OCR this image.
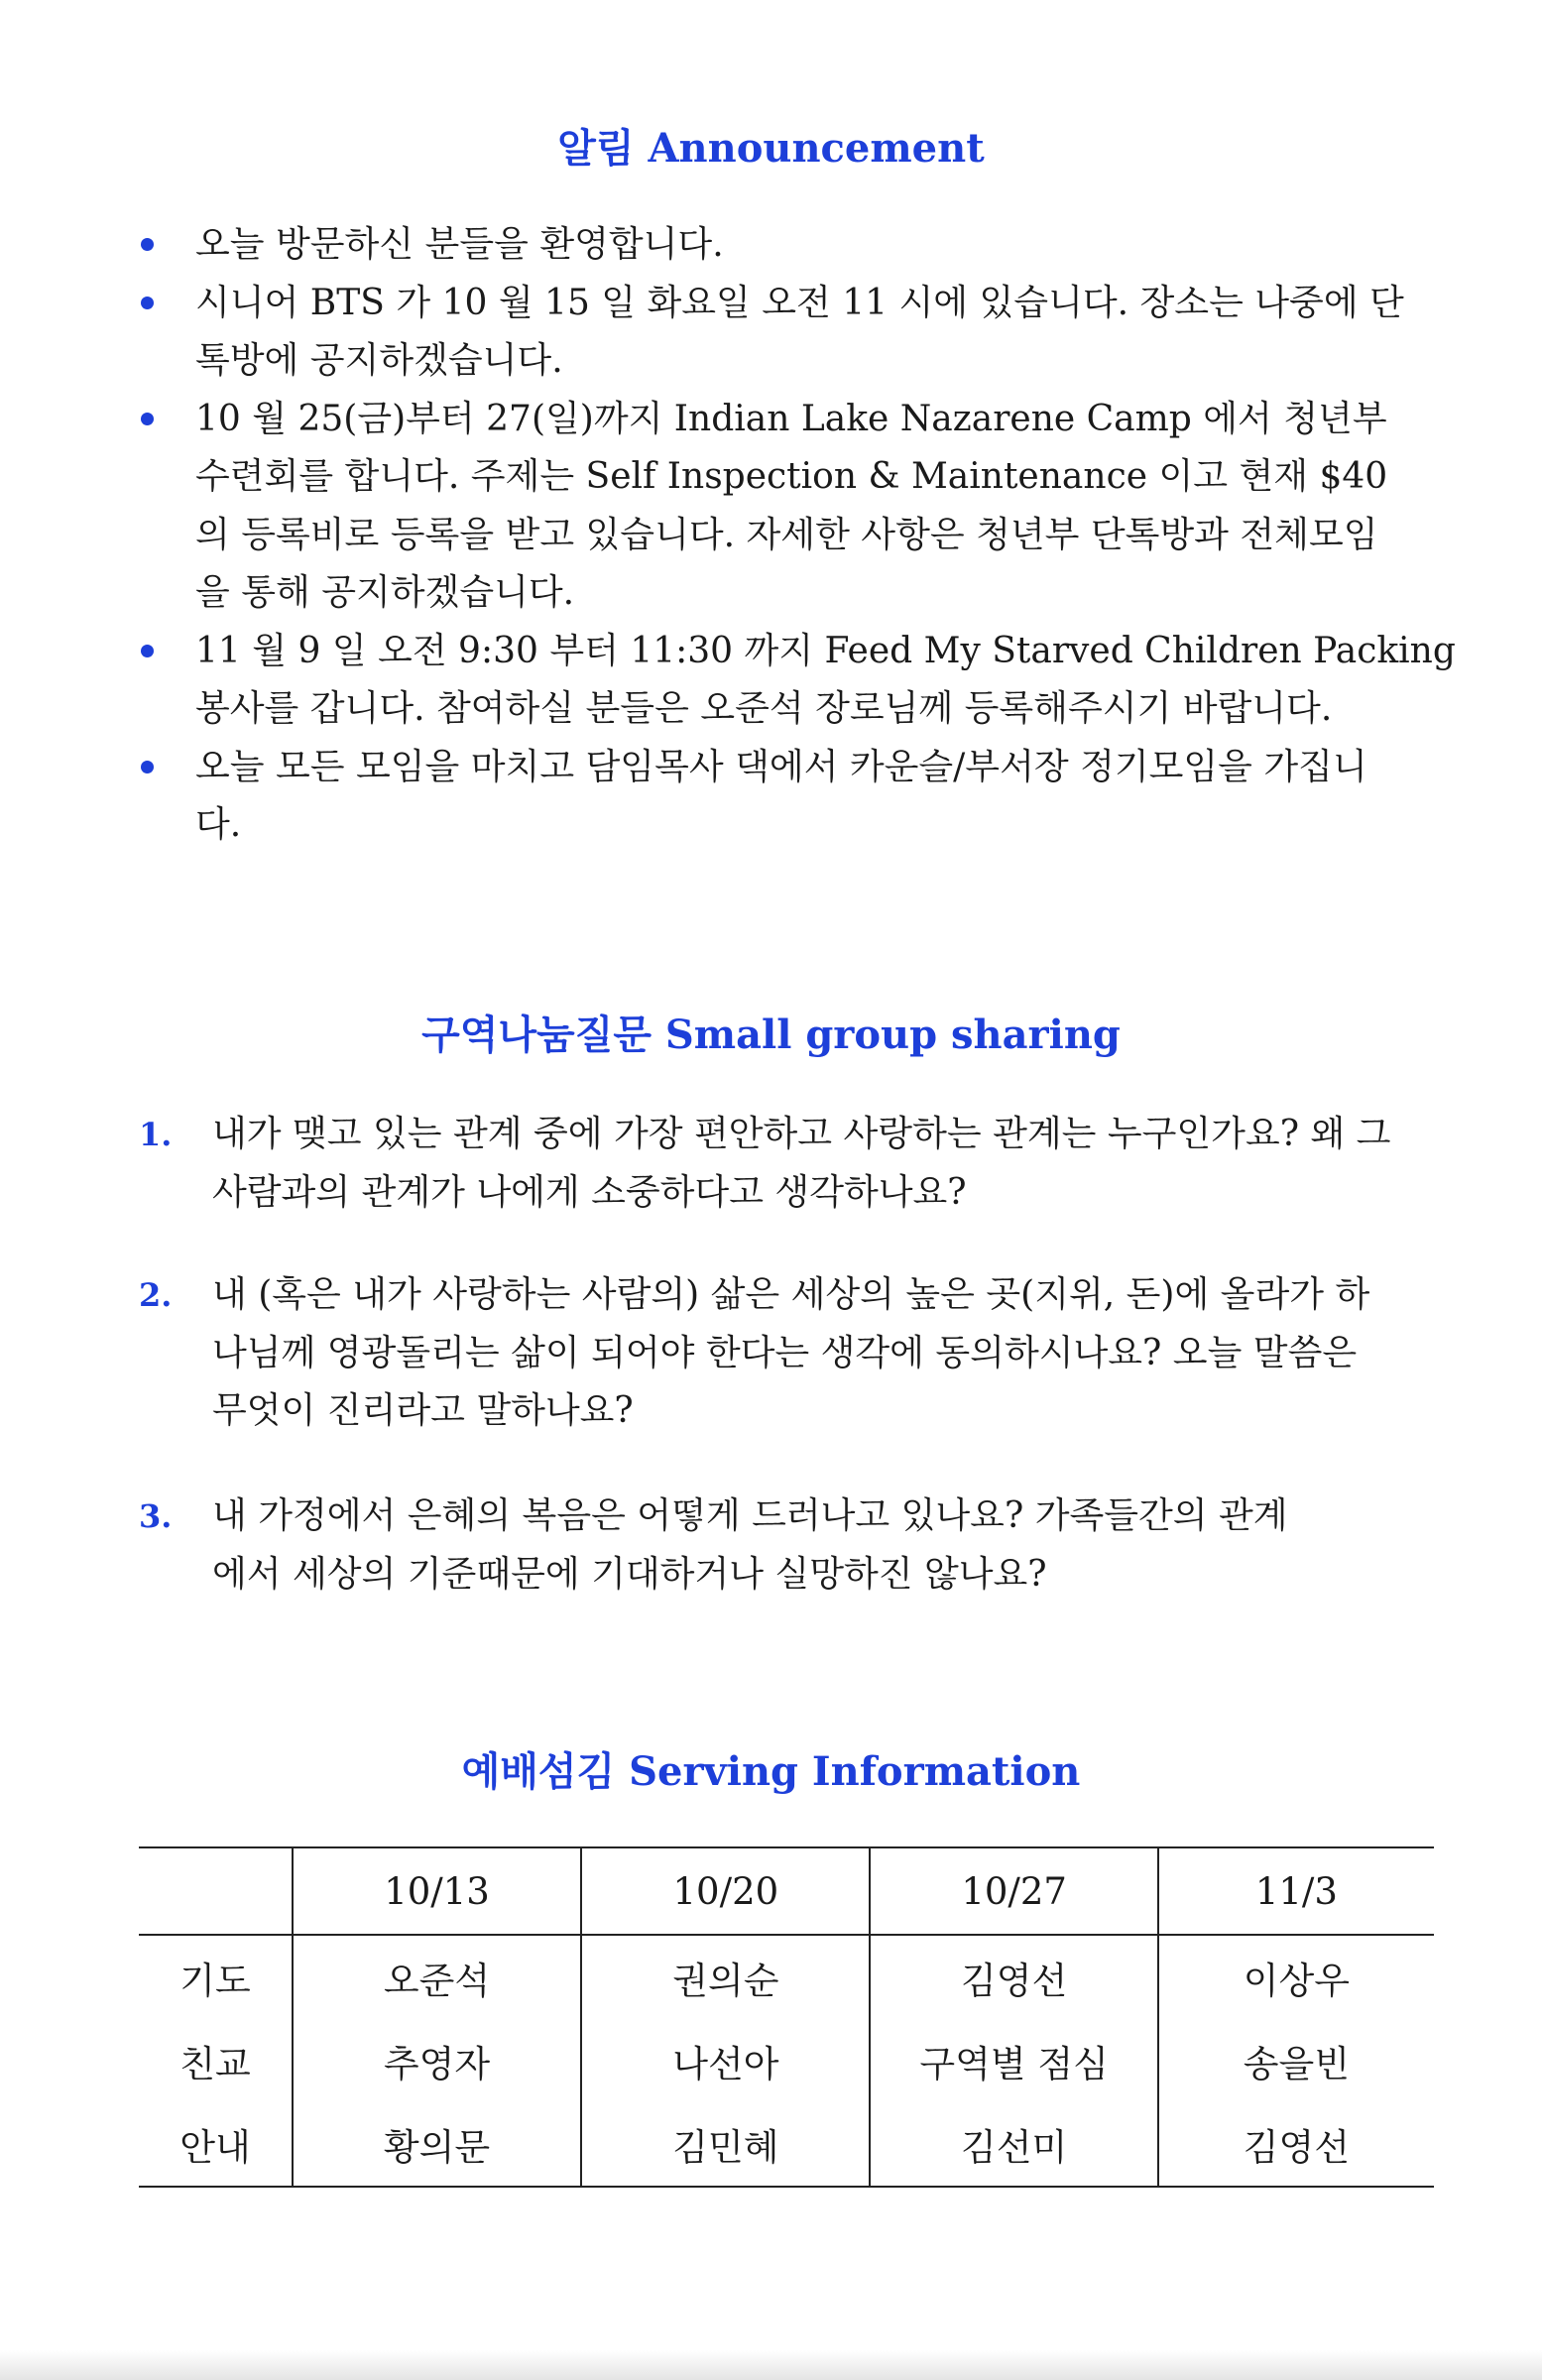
알림 Announcement
오늘 방문하신 분들을 환영합니다.
시니어 BTS 가 10 월 15 일 화요일 오전 11 시에 있습니다. 장소는 나중에 단톡방에 공지하겠습니다.
10 월 25(금)부터 27(일)까지 Indian Lake Nazarene Camp 에서 청년부 수련회를 합니다. 주제는 Self Inspection & Maintenance 이고 현재 $40 의 등록비로 등록을 받고 있습니다. 자세한 사항은 청년부 단톡방과 전체모임을 통해 공지하겠습니다.
11 월 9 일 오전 9:30 부터 11:30 까지 Feed My Starved Children Packing 봉사를 갑니다. 참여하실 분들은 오준석 장로님께 등록해주시기 바랍니다.
오늘 모든 모임을 마치고 담임목사 댁에서 카운슬/부서장 정기모임을 가집니다.
구역나눔질문 Small group sharing
1.	내가 맺고 있는 관계 중에 가장 편안하고 사랑하는 관계는 누구인가요? 왜 그 사람과의 관계가 나에게 소중하다고 생각하나요?
2.	내 (혹은 내가 사랑하는 사람의) 삶은 세상의 높은 곳(지위, 돈)에 올라가 하나님께 영광돌리는 삶이 되어야 한다는 생각에 동의하시나요? 오늘 말씀은 무엇이 진리라고 말하나요?
3.	내 가정에서 은혜의 복음은 어떻게 드러나고 있나요? 가족들간의 관계에서 세상의 기준때문에 기대하거나 실망하진 않나요?
예배섬김 Serving Information
	10/13	10/20	10/27	11/3
기도	오준석	권의순	김영선	이상우
친교	추영자	나선아	구역별 점심	송을빈
안내	황의문	김민혜	김선미	김영선
